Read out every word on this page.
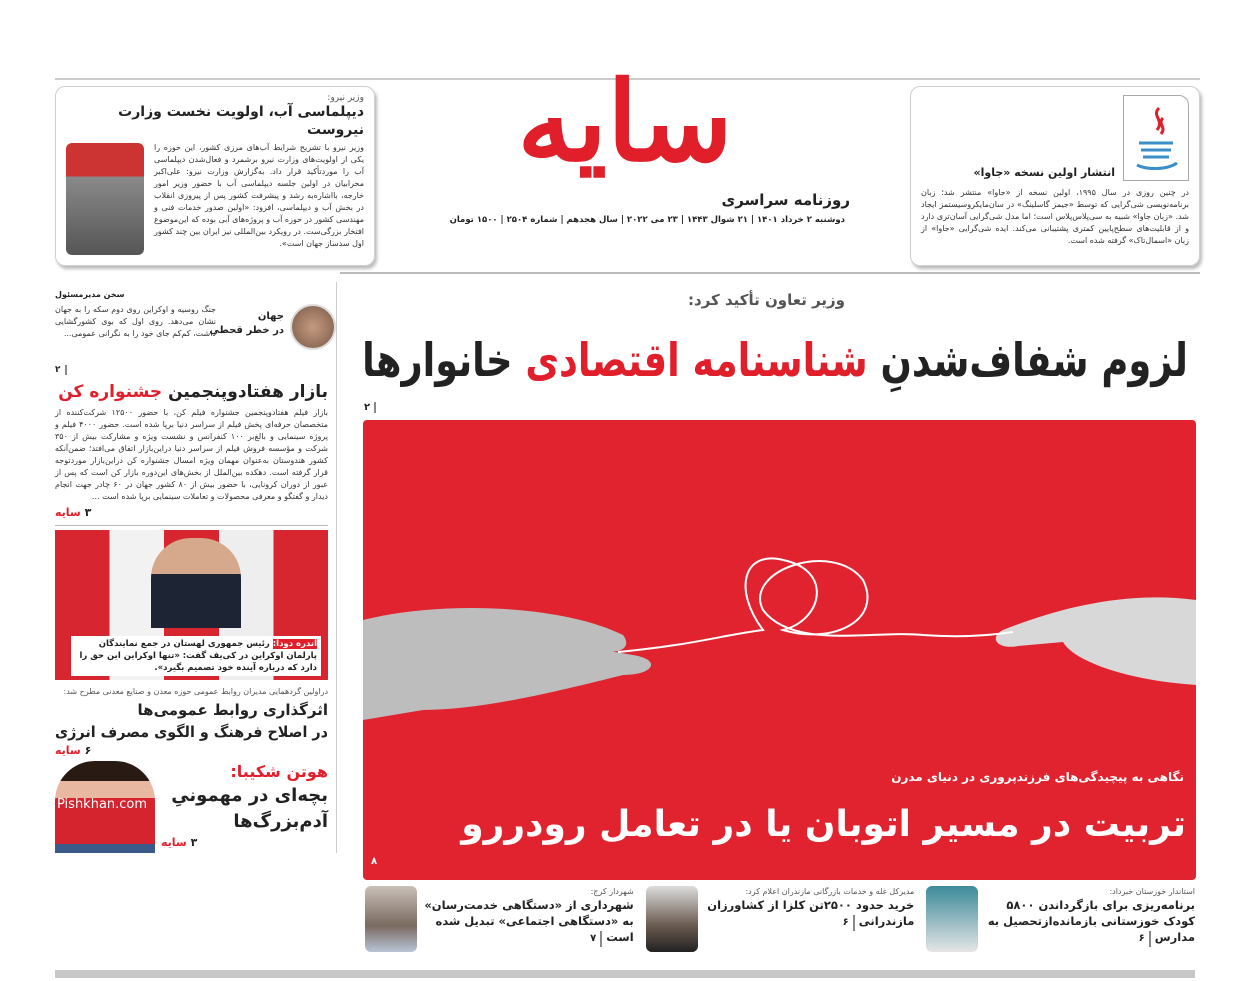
وزیر نیرو:
دیپلماسی آب، اولویت نخست وزارت نیروست
وزیر نیرو با تشریح شرایط آب‌های مرزی کشور، این حوزه را یکی از اولویت‌های وزارت نیرو برشمرد و فعال‌شدن دیپلماسی آب را موردتأکید قرار داد. به‌گزارش وزارت نیرو: علی‌اکبر محرابیان در اولین جلسه دیپلماسی آب با حضور وزیر امور خارجه، بااشاره‌به رشد و پیشرفت کشور پس از پیروزی انقلاب در بخش آب و دیپلماسی، افزود: «اولین صدور خدمات فنی و مهندسی کشور در حوزه آب و پروژه‌های آبی بوده که این‌موضوع افتخار بزرگی‌ست. در رویکرد بین‌المللی نیز ایران بین چند کشور اول سدساز جهان است».
سایه
روزنامه سراسری
دوشنبه ۲ خرداد ۱۴۰۱ | ۲۱ شوال ۱۴۴۳ | ۲۳ می ۲۰۲۲ | سال هجدهم | شماره ۲۵۰۴ | ۱۵۰۰ تومان
انتشار اولین نسخه «جاوا»
در چنین روزی در سال ۱۹۹۵، اولین نسخه از «جاوا» منتشر شد؛ زبان برنامه‌نویسی شی‌گرایی که توسط «جیمز گاسلینگ» در سان‌مایکروسیستمز ایجاد شد. «زبان جاوا» شبیه به سی‌پلاس‌پلاس است؛ اما مدل شی‌گرایی آسان‌تری دارد و از قابلیت‌های سطح‌پایین کمتری پشتیبانی می‌کند. ایده شی‌گرایی «جاوا» از زبان «اسمال‌تاک» گرفته شده است.
وزیر تعاون تأکید کرد:
لزوم شفاف‌شدنِ شناسنامه اقتصادی خانوارها
۲
نگاهی به پیچیدگی‌های فرزندپروری در دنیای مدرن
تربیت در مسیر اتوبان یا در تعامل رودررو
۸
استاندار خوزستان خبرداد:
برنامه‌ریزی برای بازگرداندن ۵۸۰۰ کودک خوزستانی بازمانده‌ازتحصیل به مدارس ۶
مدیرکل غله و خدمات بازرگانی مازندران اعلام کرد:
خرید حدود ۲۵۰۰تن کلزا از کشاورزان مازندرانی ۶
شهردار کرج:
شهرداری از «دستگاهی خدمت‌رسان» به «دستگاهی اجتماعی» تبدیل شده است ۷
سخن مدیرمسئول
جهان
در خطر قحطی
جنگ روسیه و اوکراین روی دوم سکه را به جهان نشان می‌دهد. روی اول که بوی کشورگشایی داشت، کم‌کم جای خود را به نگرانی عمومی...
۲
بازار هفتادوپنجمین جشنواره کن
بازار فیلم هفتادوپنجمین جشنواره فیلم کن، با حضور ۱۲۵۰۰ شرکت‌کننده از متخصصان حرفه‌ای پخش فیلم از سراسر دنیا برپا شده است. حضور ۴۰۰۰ فیلم و پروژه سینمایی و بالغ‌بر ۱۰۰ کنفرانس و نشست ویژه و مشارکت بیش از ۳۵۰ شرکت و مؤسسه فروش فیلم از سراسر دنیا دراین‌بازار اتفاق می‌افتد؛ ضمن‌آنکه کشور هندوستان به‌عنوان مهمان ویژه امسال جشنواره کن دراین‌بازار موردتوجه قرار گرفته است. دهکده بین‌الملل از بخش‌های این‌دوره بازار کن است که پس از عبور از دوران کرونایی، با حضور بیش از ۸۰ کشور جهان در ۶۰ چادر جهت انجام دیدار و گفتگو و معرفی محصولات و تعاملات سینمایی برپا شده است ...
۳ سایه
آندره دودا: رئیس جمهوری لهستان در جمع نمایندگان پارلمان اوکراین در کی‌یف گفت: «تنها اوکراین این حق را دارد که درباره آینده خود تصمیم بگیرد».
دراولین گردهمایی مدیران روابط عمومی حوزه معدن و صنایع معدنی مطرح شد:
اثرگذاری روابط عمومی‌ها
در اصلاح فرهنگ و الگوی مصرف انرژی
۶ سایه
هوتن شکیبا:
بچه‌ای در مهمونیِ
آدم‌بزرگ‌ها
۳ سایه
Pishkhan.com
